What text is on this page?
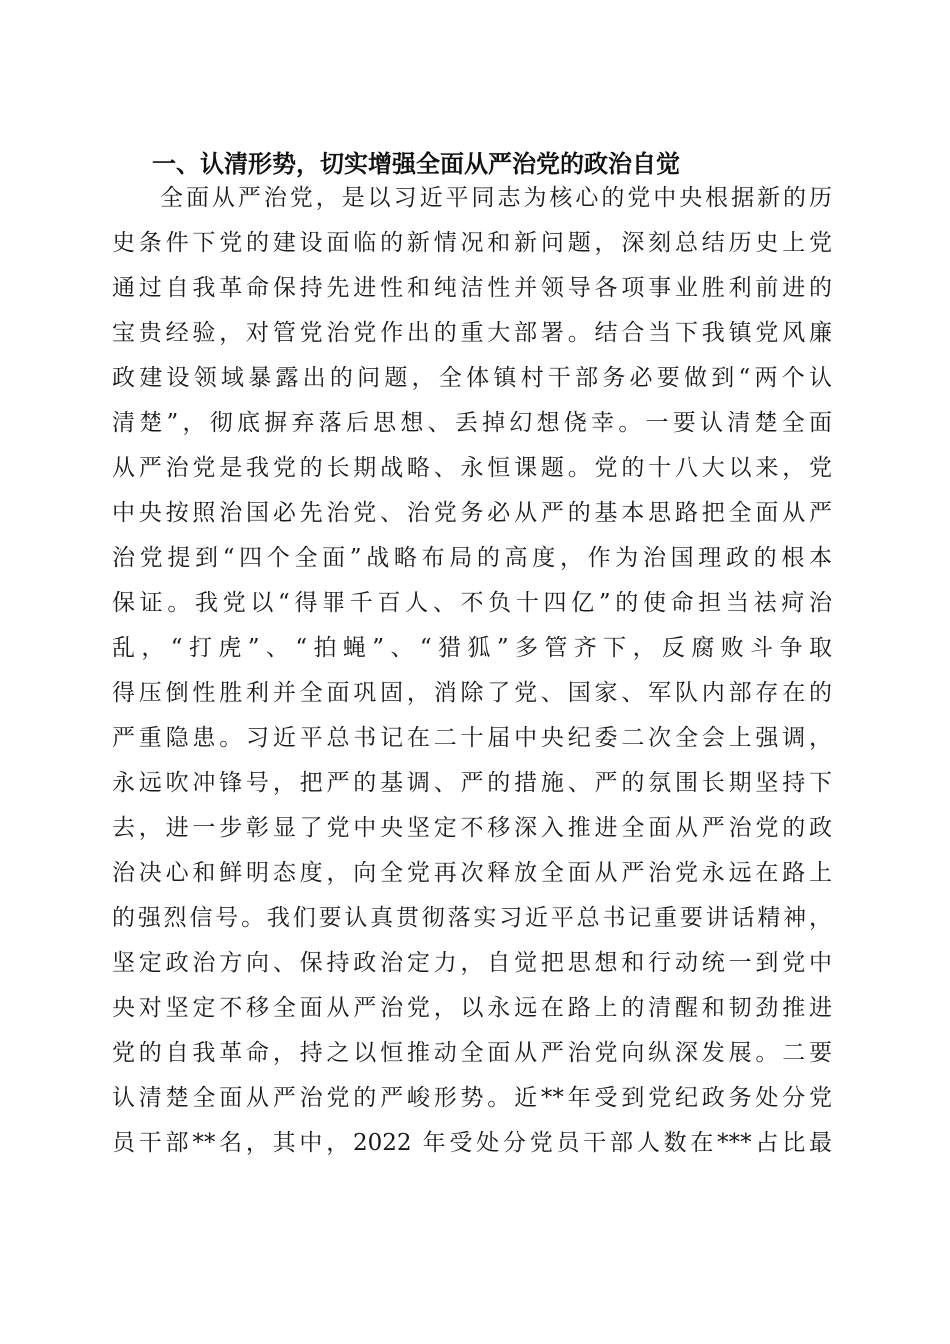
一、认清形势，切实增强全面从严治党的政治自觉
全面从严治党，是以习近平同志为核心的党中央根据新的历
史条件下党的建设面临的新情况和新问题，深刻总结历史上党
通过自我革命保持先进性和纯洁性并领导各项事业胜利前进的
宝贵经验，对管党治党作出的重大部署。结合当下我镇党风廉
政建设领域暴露出的问题，全体镇村干部务必要做到“两个认
清楚”，彻底摒弃落后思想、丢掉幻想侥幸。一要认清楚全面
从严治党是我党的长期战略、永恒课题。党的十八大以来，党
中央按照治国必先治党、治党务必从严的基本思路把全面从严
治党提到“四个全面”战略布局的高度，作为治国理政的根本
保证。我党以“得罪千百人、不负十四亿”的使命担当祛疴治
乱，“打虎”、“拍蝇”、“猎狐”多管齐下，反腐败斗争取
得压倒性胜利并全面巩固，消除了党、国家、军队内部存在的
严重隐患。习近平总书记在二十届中央纪委二次全会上强调，
永远吹冲锋号，把严的基调、严的措施、严的氛围长期坚持下
去，进一步彰显了党中央坚定不移深入推进全面从严治党的政
治决心和鲜明态度，向全党再次释放全面从严治党永远在路上
的强烈信号。我们要认真贯彻落实习近平总书记重要讲话精神，
坚定政治方向、保持政治定力，自觉把思想和行动统一到党中
央对坚定不移全面从严治党，以永远在路上的清醒和韧劲推进
党的自我革命，持之以恒推动全面从严治党向纵深发展。二要
认清楚全面从严治党的严峻形势。近**年受到党纪政务处分党
员干部**名，其中，2022 年受处分党员干部人数在***占比最
